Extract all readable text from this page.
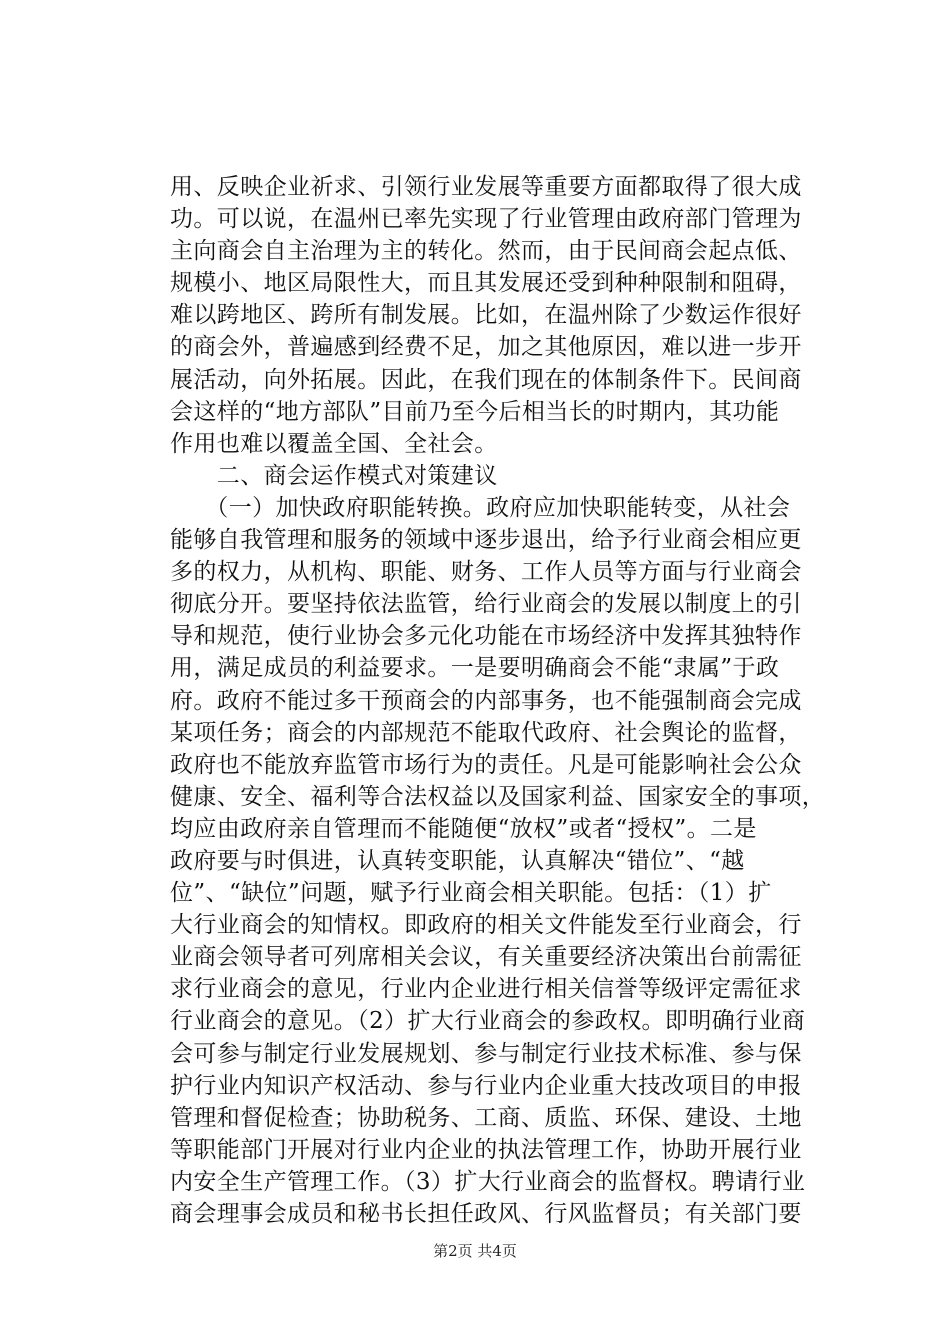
用、反映企业祈求、引领行业发展等重要方面都取得了很大成
功。可以说，在温州已率先实现了行业管理由政府部门管理为
主向商会自主治理为主的转化。然而，由于民间商会起点低、
规模小、地区局限性大，而且其发展还受到种种限制和阻碍，
难以跨地区、跨所有制发展。比如，在温州除了少数运作很好
的商会外，普遍感到经费不足，加之其他原因，难以进一步开
展活动，向外拓展。因此，在我们现在的体制条件下。民间商
会这样的“地方部队”目前乃至今后相当长的时期内，其功能
作用也难以覆盖全国、全社会。
　　二、商会运作模式对策建议
　　（一）加快政府职能转换。政府应加快职能转变，从社会
能够自我管理和服务的领域中逐步退出，给予行业商会相应更
多的权力，从机构、职能、财务、工作人员等方面与行业商会
彻底分开。要坚持依法监管，给行业商会的发展以制度上的引
导和规范，使行业协会多元化功能在市场经济中发挥其独特作
用，满足成员的利益要求。一是要明确商会不能“隶属”于政
府。政府不能过多干预商会的内部事务，也不能强制商会完成
某项任务；商会的内部规范不能取代政府、社会舆论的监督，
政府也不能放弃监管市场行为的责任。凡是可能影响社会公众
健康、安全、福利等合法权益以及国家利益、国家安全的事项，
均应由政府亲自管理而不能随便“放权”或者“授权”。二是
政府要与时俱进，认真转变职能，认真解决“错位”、“越
位”、“缺位”问题，赋予行业商会相关职能。包括：（1）扩
大行业商会的知情权。即政府的相关文件能发至行业商会，行
业商会领导者可列席相关会议，有关重要经济决策出台前需征
求行业商会的意见，行业内企业进行相关信誉等级评定需征求
行业商会的意见。（2）扩大行业商会的参政权。即明确行业商
会可参与制定行业发展规划、参与制定行业技术标准、参与保
护行业内知识产权活动、参与行业内企业重大技改项目的申报
管理和督促检查；协助税务、工商、质监、环保、建设、土地
等职能部门开展对行业内企业的执法管理工作，协助开展行业
内安全生产管理工作。（3）扩大行业商会的监督权。聘请行业
商会理事会成员和秘书长担任政风、行风监督员；有关部门要
第2页 共4页
